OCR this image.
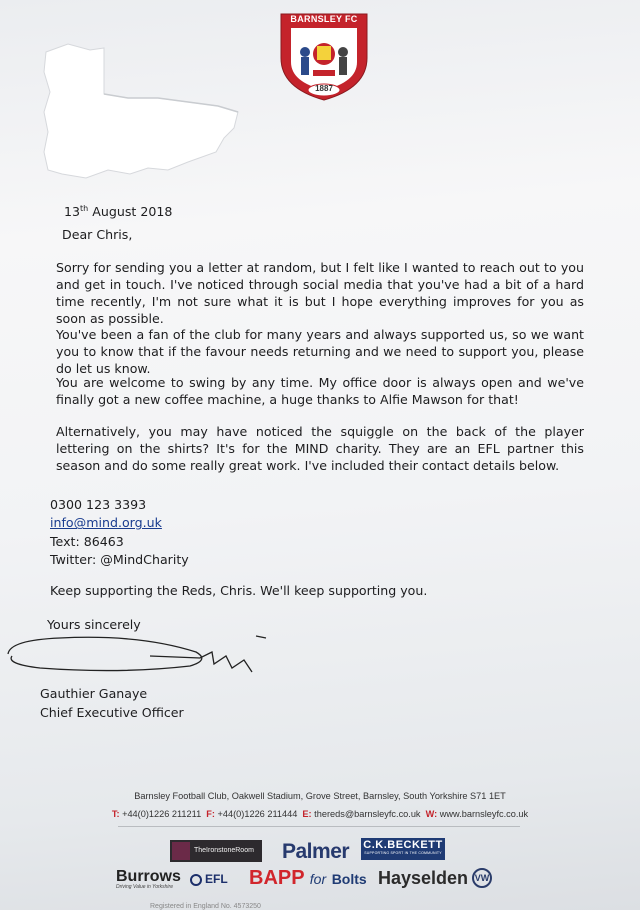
BARNSLEY FC
1887
13th August 2018
Dear Chris,
Sorry for sending you a letter at random, but I felt like I wanted to reach out to you and get in touch. I've noticed through social media that you've had a bit of a hard time recently, I'm not sure what it is but I hope everything improves for you as soon as possible.
You've been a fan of the club for many years and always supported us, so we want you to know that if the favour needs returning and we need to support you, please do let us know.
You are welcome to swing by any time. My office door is always open and we've finally got a new coffee machine, a huge thanks to Alfie Mawson for that!
Alternatively, you may have noticed the squiggle on the back of the player lettering on the shirts? It's for the MIND charity. They are an EFL partner this season and do some really great work. I've included their contact details below.
0300 123 3393
info@mind.org.uk
Text: 86463
Twitter: @MindCharity
Keep supporting the Reds, Chris. We'll keep supporting you.
Yours sincerely
Gauthier Ganaye
Chief Executive Officer
Barnsley Football Club, Oakwell Stadium, Grove Street, Barnsley, South Yorkshire S71 1ET
T: +44(0)1226 211211 F: +44(0)1226 211444 E: thereds@barnsleyfc.co.uk W: www.barnsleyfc.co.uk
TheIronstoneRoom Palmer C.K.BECKETT
SUPPORTING SPORT IN THE COMMUNITY
Burrows
Driving Value in Yorkshire
EFL BAPP for Bolts Hayselden VW
Registered in England No. 4573250
